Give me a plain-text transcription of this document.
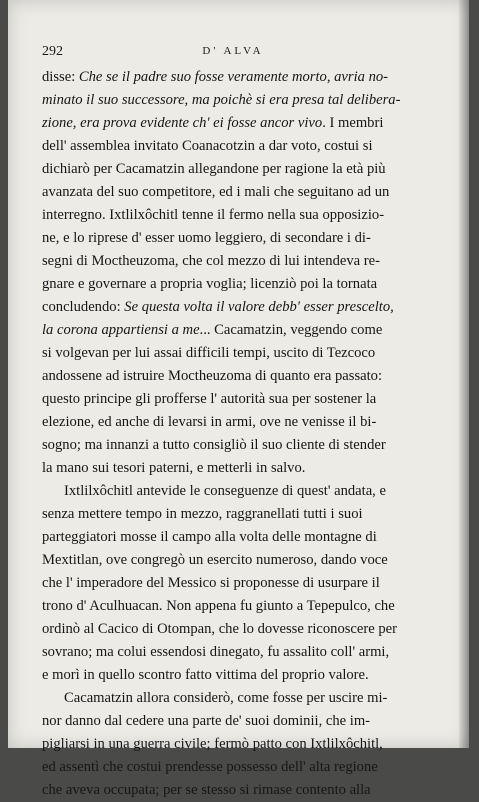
292	D' ALVA
disse: Che se il padre suo fosse veramente morto, avria no-
minato il suo successore, ma poichè si era presa tal delibera-
zione, era prova evidente ch' ei fosse ancor vivo. I membri
dell' assemblea invitato Coanacotzin a dar voto, costui si
dichiarò per Cacamatzin allegandone per ragione la età più
avanzata del suo competitore, ed i mali che seguitano ad un
interregno. Ixtlilxôchitl tenne il fermo nella sua opposizio-
ne, e lo riprese d' esser uomo leggiero, di secondare i di-
segni di Moctheuzoma, che col mezzo di lui intendeva re-
gnare e governare a propria voglia; licenziò poi la tornata
concludendo: Se questa volta il valore debb' esser prescelto,
la corona appartiensi a me... Cacamatzin, veggendo come
si volgevan per lui assai difficili tempi, uscito di Tezcoco
andossene ad istruire Moctheuzoma di quanto era passato:
questo principe gli profferse l' autorità sua per sostener la
elezione, ed anche di levarsi in armi, ove ne venisse il bi-
sogno; ma innanzi a tutto consigliò il suo cliente di stender
la mano sui tesori paterni, e metterli in salvo.
Ixtlilxôchitl antevide le conseguenze di quest' andata, e
senza mettere tempo in mezzo, raggranellati tutti i suoi
parteggiatori mosse il campo alla volta delle montagne di
Mextitlan, ove congregò un esercito numeroso, dando voce
che l' imperadore del Messico si proponesse di usurpare il
trono d' Aculhuacan. Non appena fu giunto a Tepepulco, che
ordinò al Cacico di Otompan, che lo dovesse riconoscere per
sovrano; ma colui essendosi dinegato, fu assalito coll' armi,
e morì in quello scontro fatto vittima del proprio valore.
Cacamatzin allora considerò, come fosse per uscire mi-
nor danno dal cedere una parte de' suoi dominii, che im-
pigliarsi in una guerra civile; fermò patto con Ixtlilxôchitl,
ed assentì che costui prendesse possesso dell' alta regione
che aveva occupata; per se stesso si rimase contento alla
